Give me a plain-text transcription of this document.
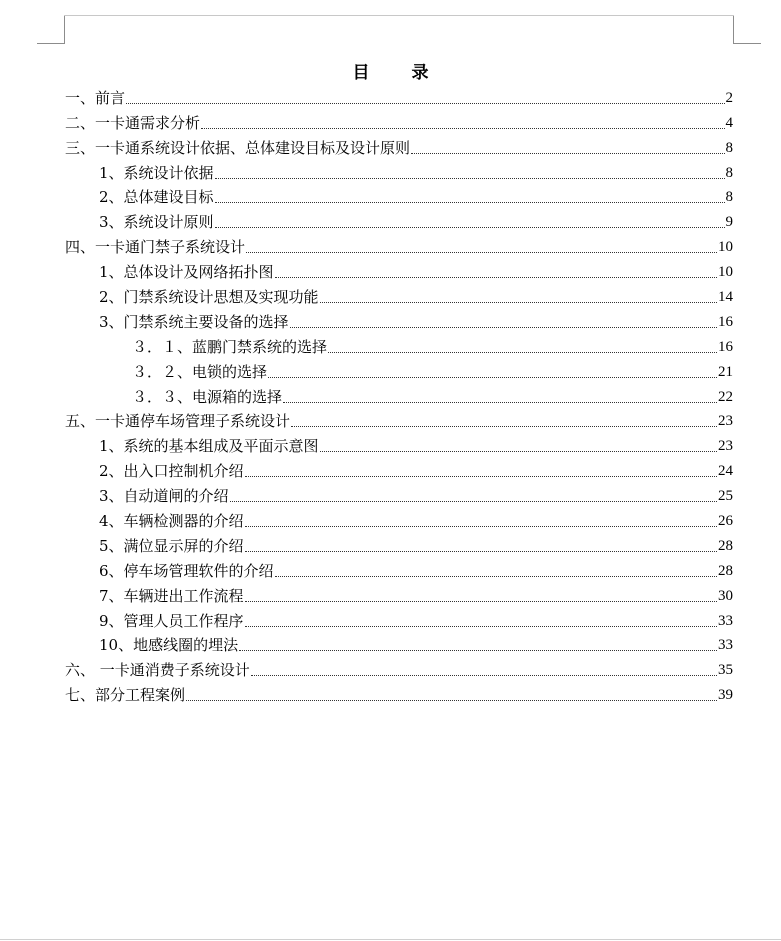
目 录
一、前言	2
二、一卡通需求分析	4
三、一卡通系统设计依据、总体建设目标及设计原则	8
1、系统设计依据	8
2、总体建设目标	8
3、系统设计原则	9
四、一卡通门禁子系统设计	10
1、总体设计及网络拓扑图	10
2、门禁系统设计思想及实现功能	14
3、门禁系统主要设备的选择	16
３．１、蓝鹏门禁系统的选择	16
３．２、电锁的选择	21
３．３、电源箱的选择	22
五、一卡通停车场管理子系统设计	23
1、系统的基本组成及平面示意图	23
2、出入口控制机介绍	24
3、自动道闸的介绍	25
4、车辆检测器的介绍	26
5、满位显示屏的介绍	28
6、停车场管理软件的介绍	28
7、车辆进出工作流程	30
9、管理人员工作程序	33
10、地感线圈的埋法	33
六、 一卡通消费子系统设计	35
七、部分工程案例	39
